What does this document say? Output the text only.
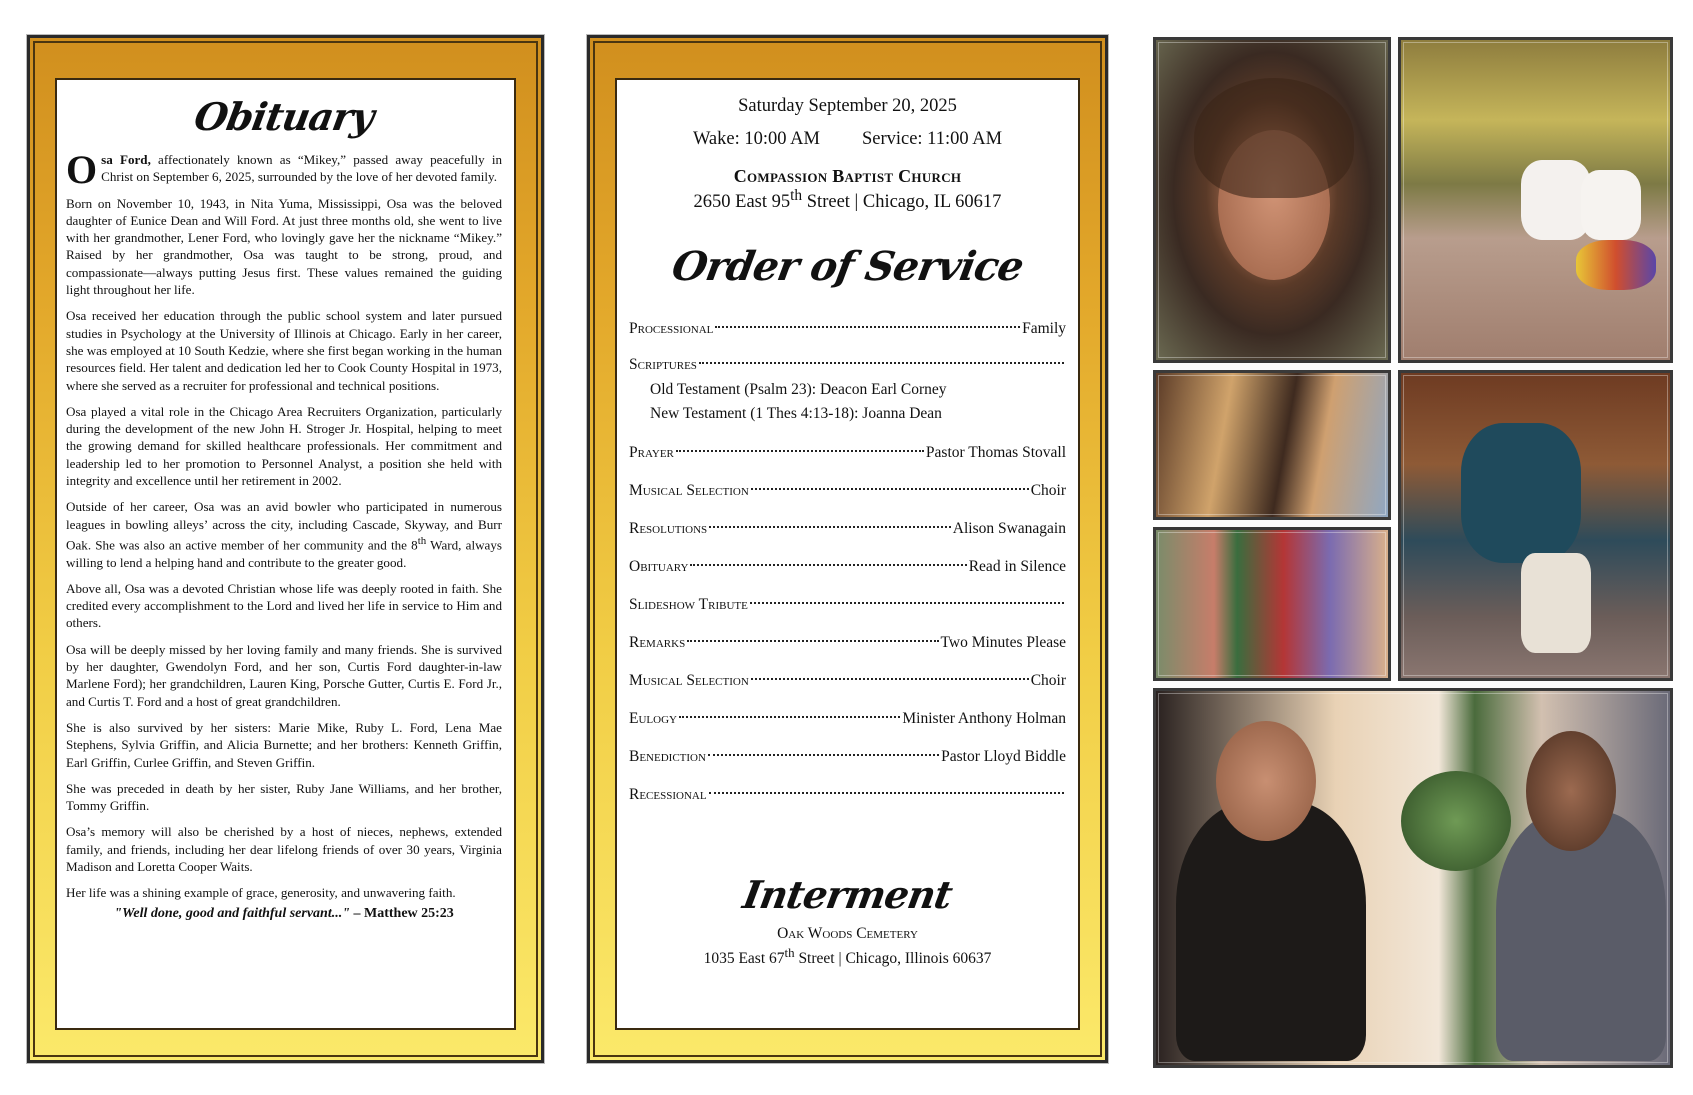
Obituary

Osa Ford, affectionately known as “Mikey,” passed away peacefully in Christ on September 6, 2025, surrounded by the love of her devoted family.

Born on November 10, 1943, in Nita Yuma, Mississippi, Osa was the beloved daughter of Eunice Dean and Will Ford. At just three months old, she went to live with her grandmother, Lener Ford, who lovingly gave her the nickname “Mikey.” Raised by her grandmother, Osa was taught to be strong, proud, and compassionate—always putting Jesus first. These values remained the guiding light throughout her life.

Osa received her education through the public school system and later pursued studies in Psychology at the University of Illinois at Chicago. Early in her career, she was employed at 10 South Kedzie, where she first began working in the human resources field. Her talent and dedication led her to Cook County Hospital in 1973, where she served as a recruiter for professional and technical positions.

Osa played a vital role in the Chicago Area Recruiters Organization, particularly during the development of the new John H. Stroger Jr. Hospital, helping to meet the growing demand for skilled healthcare professionals. Her commitment and leadership led to her promotion to Personnel Analyst, a position she held with integrity and excellence until her retirement in 2002.

Outside of her career, Osa was an avid bowler who participated in numerous leagues in bowling alleys’ across the city, including Cascade, Skyway, and Burr Oak. She was also an active member of her community and the 8th Ward, always willing to lend a helping hand and contribute to the greater good.

Above all, Osa was a devoted Christian whose life was deeply rooted in faith. She credited every accomplishment to the Lord and lived her life in service to Him and others.

Osa will be deeply missed by her loving family and many friends. She is survived by her daughter, Gwendolyn Ford, and her son, Curtis Ford daughter-in-law Marlene Ford); her grandchildren, Lauren King, Porsche Gutter, Curtis E. Ford Jr., and Curtis T. Ford and a host of great grandchildren.

She is also survived by her sisters: Marie Mike, Ruby L. Ford, Lena Mae Stephens, Sylvia Griffin, and Alicia Burnette; and her brothers: Kenneth Griffin, Earl Griffin, Curlee Griffin, and Steven Griffin.

She was preceded in death by her sister, Ruby Jane Williams, and her brother, Tommy Griffin.

Osa’s memory will also be cherished by a host of nieces, nephews, extended family, and friends, including her dear lifelong friends of over 30 years, Virginia Madison and Loretta Cooper Waits.

Her life was a shining example of grace, generosity, and unwavering faith.

"Well done, good and faithful servant..." – Matthew 25:23
Saturday September 20, 2025
Wake: 10:00 AM Service: 11:00 AM
Compassion Baptist Church
2650 East 95th Street | Chicago, IL 60617
Order of Service
Processional	Family
Scriptures
Old Testament (Psalm 23): Deacon Earl Corney
New Testament (1 Thes 4:13-18): Joanna Dean
Prayer	Pastor Thomas Stovall
Musical Selection	Choir
Resolutions	Alison Swanagain
Obituary	Read in Silence
Slideshow Tribute
Remarks	Two Minutes Please
Musical Selection	Choir
Eulogy	Minister Anthony Holman
Benediction	Pastor Lloyd Biddle
Recessional
Interment
Oak Woods Cemetery
1035 East 67th Street | Chicago, Illinois 60637
